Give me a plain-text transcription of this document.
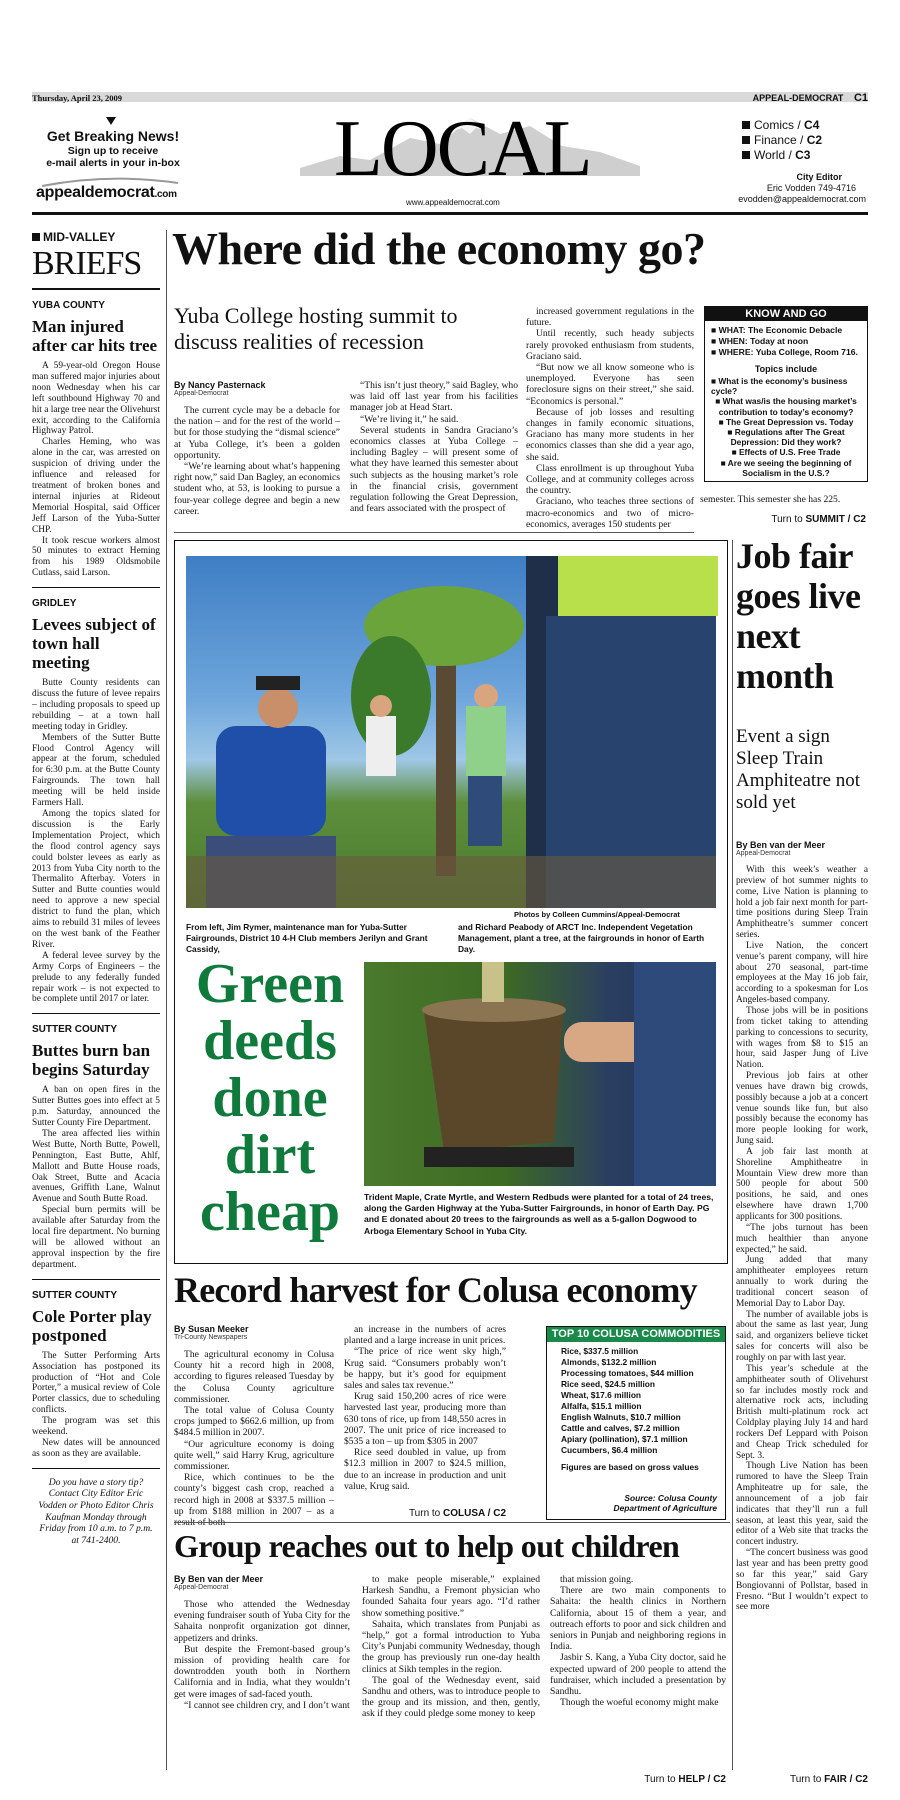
Thursday, April 23, 2009	APPEAL-DEMOCRAT C1
Get Breaking News!
Sign up to receive
e-mail alerts in your in-box
appealdemocrat.com
LOCAL
www.appealdemocrat.com
Comics / C4
Finance / C2
World / C3
City Editor
Eric Vodden 749-4716
evodden@appealdemocrat.com
MID-VALLEY
BRIEFS
YUBA COUNTY
Man injured after car hits tree

A 59-year-old Oregon House man suffered major injuries about noon Wednesday when his car left southbound Highway 70 and hit a large tree near the Olivehurst exit, according to the California Highway Patrol.

Charles Heming, who was alone in the car, was arrested on suspicion of driving under the influence and released for treatment of broken bones and internal injuries at Rideout Memorial Hospital, said Officer Jeff Larson of the Yuba-Sutter CHP.

It took rescue workers almost 50 minutes to extract Heming from his 1989 Oldsmobile Cutlass, said Larson.

GRIDLEY
Levees subject of town hall meeting

Butte County residents can discuss the future of levee repairs – including proposals to speed up rebuilding – at a town hall meeting today in Gridley.

Members of the Sutter Butte Flood Control Agency will appear at the forum, scheduled for 6:30 p.m. at the Butte County Fairgrounds. The town hall meeting will be held inside Farmers Hall.

Among the topics slated for discussion is the Early Implementation Project, which the flood control agency says could bolster levees as early as 2013 from Yuba City north to the Thermalito Afterbay. Voters in Sutter and Butte counties would need to approve a new special district to fund the plan, which aims to rebuild 31 miles of levees on the west bank of the Feather River.

A federal levee survey by the Army Corps of Engineers – the prelude to any federally funded repair work – is not expected to be complete until 2017 or later.

SUTTER COUNTY
Buttes burn ban begins Saturday

A ban on open fires in the Sutter Buttes goes into effect at 5 p.m. Saturday, announced the Sutter County Fire Department.

The area affected lies within West Butte, North Butte, Powell, Pennington, East Butte, Ahlf, Mallott and Butte House roads, Oak Street, Butte and Acacia avenues, Griffith Lane, Walnut Avenue and South Butte Road.

Special burn permits will be available after Saturday from the local fire department. No burning will be allowed without an approval inspection by the fire department.

SUTTER COUNTY
Cole Porter play postponed

The Sutter Performing Arts Association has postponed its production of “Hot and Cole Porter,” a musical review of Cole Porter classics, due to scheduling conflicts.

The program was set this weekend.

New dates will be announced as soon as they are available.

Do you have a story tip? Contact City Editor Eric Vodden or Photo Editor Chris Kaufman Monday through Friday from 10 a.m. to 7 p.m. at 741-2400.
Where did the economy go?
Yuba College hosting summit to discuss realities of recession
By Nancy Pasternack
Appeal-Democrat

The current cycle may be a debacle for the nation – and for the rest of the world – but for those studying the “dismal science” at Yuba College, it’s been a golden opportunity.

“We’re learning about what’s happening right now,” said Dan Bagley, an economics student who, at 53, is looking to pursue a four-year college degree and begin a new career.

“This isn’t just theory,” said Bagley, who was laid off last year from his facilities manager job at Head Start.

“We’re living it,” he said.

Several students in Sandra Graciano’s economics classes at Yuba College – including Bagley – will present some of what they have learned this semester about such subjects as the housing market’s role in the financial crisis, government regulation following the Great Depression, and fears associated with the prospect of

increased government regulations in the future.

Until recently, such heady subjects rarely provoked enthusiasm from students, Graciano said.

“But now we all know someone who is unemployed. Everyone has seen foreclosure signs on their street,” she said. “Economics is personal.”

Because of job losses and resulting changes in family economic situations, Graciano has many more students in her economics classes than she did a year ago, she said.

Class enrollment is up throughout Yuba College, and at community colleges across the country.

Graciano, who teaches three sections of macro-economics and two of micro-economics, averages 150 students per

KNOW AND GO
■ WHAT: The Economic Debacle
■ WHEN: Today at noon
■ WHERE: Yuba College, Room 716.
Topics include
■ What is the economy’s business cycle?
■ What was/is the housing market’s contribution to today’s economy?
■ The Great Depression vs. Today
■ Regulations after The Great Depression: Did they work?
■ Effects of U.S. Free Trade
■ Are we seeing the beginning of Socialism in the U.S.?
semester. This semester she has 225.
Turn to SUMMIT / C2
Photos by Colleen Cummins/Appeal-Democrat
From left, Jim Rymer, maintenance man for Yuba-Sutter Fairgrounds, District 10 4-H Club members Jerilyn and Grant Cassidy,
and Richard Peabody of ARCT Inc. Independent Vegetation Management, plant a tree, at the fairgrounds in honor of Earth Day.
Green deeds done dirt cheap	Trident Maple, Crate Myrtle, and Western Redbuds were planted for a total of 24 trees, along the Garden Highway at the Yuba-Sutter Fairgrounds, in honor of Earth Day. PG and E donated about 20 trees to the fairgrounds as well as a 5-gallon Dogwood to Arboga Elementary School in Yuba City.
Job fair goes live next month
Event a sign Sleep Train Amphiteatre not sold yet
By Ben van der Meer
Appeal-Democrat

With this week’s weather a preview of hot summer nights to come, Live Nation is planning to hold a job fair next month for part-time positions during Sleep Train Amphitheatre’s summer concert series.

Live Nation, the concert venue’s parent company, will hire about 270 seasonal, part-time employees at the May 16 job fair, according to a spokesman for Los Angeles-based company.

Those jobs will be in positions from ticket taking to attending parking to concessions to security, with wages from $8 to $15 an hour, said Jasper Jung of Live Nation.

Previous job fairs at other venues have drawn big crowds, possibly because a job at a concert venue sounds like fun, but also possibly because the economy has more people looking for work, Jung said.

A job fair last month at Shoreline Amphitheatre in Mountain View drew more than 500 people for about 500 positions, he said, and ones elsewhere have drawn 1,700 applicants for 300 positions.

“The jobs turnout has been much healthier than anyone expected,” he said.

Jung added that many amphitheater employees return annually to work during the traditional concert season of Memorial Day to Labor Day.

The number of available jobs is about the same as last year, Jung said, and organizers believe ticket sales for concerts will also be roughly on par with last year.

This year’s schedule at the amphitheater south of Olivehurst so far includes mostly rock and alternative rock acts, including British multi-platinum rock act Coldplay playing July 14 and hard rockers Def Leppard with Poison and Cheap Trick scheduled for Sept. 3.

Though Live Nation has been rumored to have the Sleep Train Amphiteatre up for sale, the announcement of a job fair indicates that they’ll run a full season, at least this year, said the editor of a Web site that tracks the concert industry.

“The concert business was good last year and has been pretty good so far this year,” said Gary Bongiovanni of Pollstar, based in Fresno. “But I wouldn’t expect to see more

Turn to FAIR / C2
Record harvest for Colusa economy
By Susan Meeker
Tri-County Newspapers

The agricultural economy in Colusa County hit a record high in 2008, according to figures released Tuesday by the Colusa County agriculture commissioner.

The total value of Colusa County crops jumped to $662.6 million, up from $484.5 million in 2007.

“Our agriculture economy is doing quite well,” said Harry Krug, agriculture commissioner.

Rice, which continues to be the county’s biggest cash crop, reached a record high in 2008 at $337.5 million – up from $188 million in 2007 – as a

an increase in the numbers of acres planted and a large increase in unit prices.

“The price of rice went sky high,” Krug said. “Consumers probably won’t be happy, but it’s good for equipment sales and sales tax revenue.”

Krug said 150,200 acres of rice were harvested last year, producing more than 630 tons of rice, up from 148,550 acres in 2007. The unit price of rice increased to $535 a ton – up from $305 in 2007

Rice seed doubled in value, up from $12.3 million in 2007 to $24.5 million, due to an increase in production and unit value, Krug said.

Turn to COLUSA / C2
TOP 10 COLUSA COMMODITIES
Rice, $337.5 million
Almonds, $132.2 million
Processing tomatoes, $44 million
Rice seed, $24.5 million
Wheat, $17.6 million
Alfalfa, $15.1 million
English Walnuts, $10.7 million
Cattle and calves, $7.2 million
Apiary (pollination), $7.1 million
Cucumbers, $6.4 million
Figures are based on gross values
Source: Colusa County
Department of Agriculture
Group reaches out to help out children
By Ben van der Meer
Appeal-Democrat

Those who attended the Wednesday evening fundraiser south of Yuba City for the Sahaita nonprofit organization got dinner, appetizers and drinks.

But despite the Fremont-based group’s mission of providing health care for downtrodden youth both in Northern California and in India, what they wouldn’t get were images of sad-faced youth.

“I cannot see children cry, and I don’t want

to make people miserable,” explained Harkesh Sandhu, a Fremont physician who founded Sahaita four years ago. “I’d rather show something positive.”

Sahaita, which translates from Punjabi as “help,” got a formal introduction to Yuba City’s Punjabi community Wednesday, though the group has previously run one-day health clinics at Sikh temples in the region.

The goal of the Wednesday event, said Sandhu and others, was to introduce people to the group and its mission, and then, gently, ask if they could pledge some money to keep

that mission going.

There are two main components to Sahaita: the health clinics in Northern California, about 15 of them a year, and outreach efforts to poor and sick children and seniors in Punjab and neighboring regions in India.

Jasbir S. Kang, a Yuba City doctor, said he expected upward of 200 people to attend the fundraiser, which included a presentation by Sandhu.

Though the woeful economy might make

Turn to HELP / C2
